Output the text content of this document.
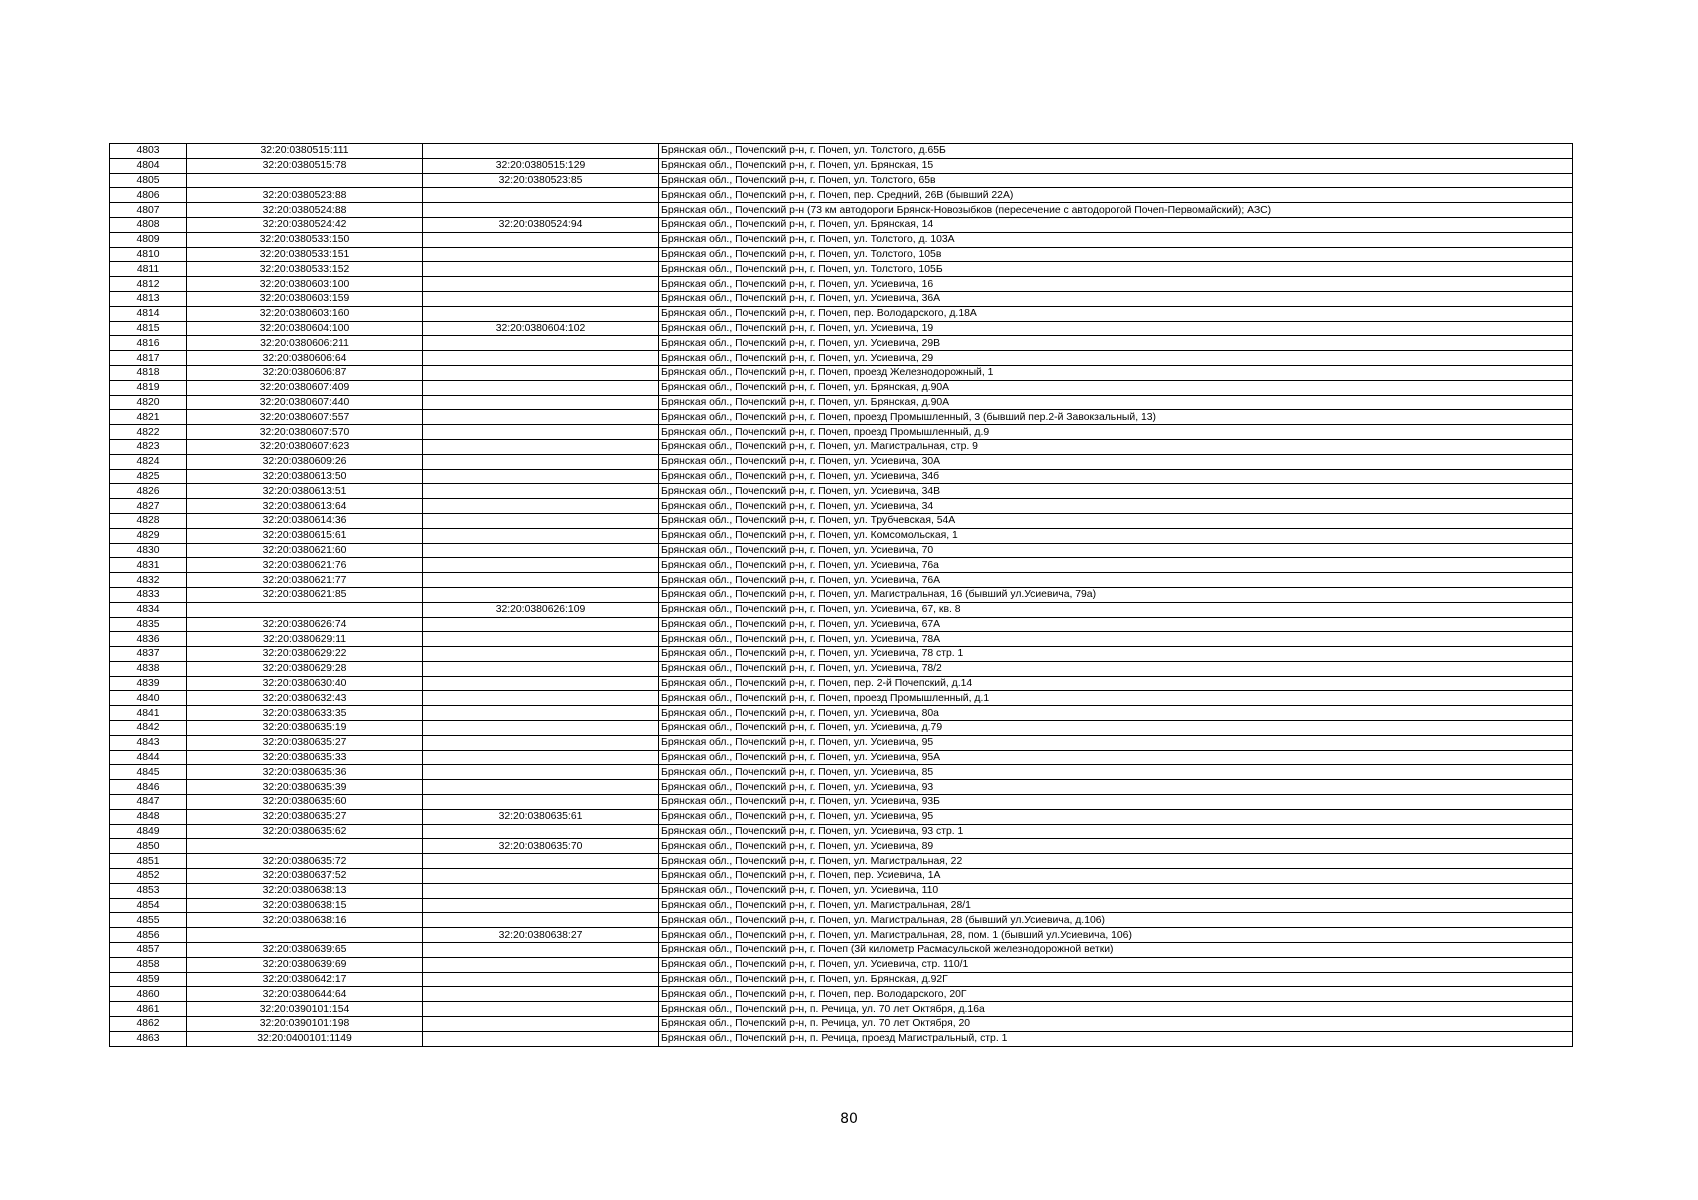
4803	32:20:0380515:111		Брянская обл., Почепский р-н, г. Почеп, ул. Толстого, д.65Б
4804	32:20:0380515:78	32:20:0380515:129	Брянская обл., Почепский р-н, г. Почеп, ул. Брянская, 15
4805		32:20:0380523:85	Брянская обл., Почепский р-н, г. Почеп, ул. Толстого, 65в
4806	32:20:0380523:88		Брянская обл., Почепский р-н, г. Почеп, пер. Средний, 26В (бывший 22А)
4807	32:20:0380524:88		Брянская обл., Почепский р-н (73 км автодороги Брянск-Новозыбков (пересечение с автодорогой Почеп-Первомайский); АЗС)
4808	32:20:0380524:42	32:20:0380524:94	Брянская обл., Почепский р-н, г. Почеп, ул. Брянская, 14
4809	32:20:0380533:150		Брянская обл., Почепский р-н, г. Почеп, ул. Толстого, д. 103А
4810	32:20:0380533:151		Брянская обл., Почепский р-н, г. Почеп, ул. Толстого, 105в
4811	32:20:0380533:152		Брянская обл., Почепский р-н, г. Почеп, ул. Толстого, 105Б
4812	32:20:0380603:100		Брянская обл., Почепский р-н, г. Почеп, ул. Усиевича, 16
4813	32:20:0380603:159		Брянская обл., Почепский р-н, г. Почеп, ул. Усиевича, 36А
4814	32:20:0380603:160		Брянская обл., Почепский р-н, г. Почеп, пер. Володарского, д.18А
4815	32:20:0380604:100	32:20:0380604:102	Брянская обл., Почепский р-н, г. Почеп, ул. Усиевича, 19
4816	32:20:0380606:211		Брянская обл., Почепский р-н, г. Почеп, ул. Усиевича, 29В
4817	32:20:0380606:64		Брянская обл., Почепский р-н, г. Почеп, ул. Усиевича, 29
4818	32:20:0380606:87		Брянская обл., Почепский р-н, г. Почеп, проезд Железнодорожный, 1
4819	32:20:0380607:409		Брянская обл., Почепский р-н, г. Почеп, ул. Брянская, д.90А
4820	32:20:0380607:440		Брянская обл., Почепский р-н, г. Почеп, ул. Брянская, д.90А
4821	32:20:0380607:557		Брянская обл., Почепский р-н, г. Почеп, проезд Промышленный, 3 (бывший пер.2-й Завокзальный, 13)
4822	32:20:0380607:570		Брянская обл., Почепский р-н, г. Почеп, проезд Промышленный, д.9
4823	32:20:0380607:623		Брянская обл., Почепский р-н, г. Почеп, ул. Магистральная, стр. 9
4824	32:20:0380609:26		Брянская обл., Почепский р-н, г. Почеп, ул. Усиевича, 30А
4825	32:20:0380613:50		Брянская обл., Почепский р-н, г. Почеп, ул. Усиевича, 34б
4826	32:20:0380613:51		Брянская обл., Почепский р-н, г. Почеп, ул. Усиевича, 34В
4827	32:20:0380613:64		Брянская обл., Почепский р-н, г. Почеп, ул. Усиевича, 34
4828	32:20:0380614:36		Брянская обл., Почепский р-н, г. Почеп, ул. Трубчевская, 54А
4829	32:20:0380615:61		Брянская обл., Почепский р-н, г. Почеп, ул. Комсомольская, 1
4830	32:20:0380621:60		Брянская обл., Почепский р-н, г. Почеп, ул. Усиевича, 70
4831	32:20:0380621:76		Брянская обл., Почепский р-н, г. Почеп, ул. Усиевича, 76а
4832	32:20:0380621:77		Брянская обл., Почепский р-н, г. Почеп, ул. Усиевича, 76А
4833	32:20:0380621:85		Брянская обл., Почепский р-н, г. Почеп, ул. Магистральная, 16 (бывший ул.Усиевича, 79а)
4834		32:20:0380626:109	Брянская обл., Почепский р-н, г. Почеп, ул. Усиевича, 67, кв. 8
4835	32:20:0380626:74		Брянская обл., Почепский р-н, г. Почеп, ул. Усиевича, 67А
4836	32:20:0380629:11		Брянская обл., Почепский р-н, г. Почеп, ул. Усиевича, 78А
4837	32:20:0380629:22		Брянская обл., Почепский р-н, г. Почеп, ул. Усиевича, 78 стр. 1
4838	32:20:0380629:28		Брянская обл., Почепский р-н, г. Почеп, ул. Усиевича, 78/2
4839	32:20:0380630:40		Брянская обл., Почепский р-н, г. Почеп, пер. 2-й Почепский, д.14
4840	32:20:0380632:43		Брянская обл., Почепский р-н, г. Почеп, проезд Промышленный, д.1
4841	32:20:0380633:35		Брянская обл., Почепский р-н, г. Почеп, ул. Усиевича, 80а
4842	32:20:0380635:19		Брянская обл., Почепский р-н, г. Почеп, ул. Усиевича, д.79
4843	32:20:0380635:27		Брянская обл., Почепский р-н, г. Почеп, ул. Усиевича, 95
4844	32:20:0380635:33		Брянская обл., Почепский р-н, г. Почеп, ул. Усиевича, 95А
4845	32:20:0380635:36		Брянская обл., Почепский р-н, г. Почеп, ул. Усиевича, 85
4846	32:20:0380635:39		Брянская обл., Почепский р-н, г. Почеп, ул. Усиевича, 93
4847	32:20:0380635:60		Брянская обл., Почепский р-н, г. Почеп, ул. Усиевича, 93Б
4848	32:20:0380635:27	32:20:0380635:61	Брянская обл., Почепский р-н, г. Почеп, ул. Усиевича, 95
4849	32:20:0380635:62		Брянская обл., Почепский р-н, г. Почеп, ул. Усиевича, 93 стр. 1
4850		32:20:0380635:70	Брянская обл., Почепский р-н, г. Почеп, ул. Усиевича, 89
4851	32:20:0380635:72		Брянская обл., Почепский р-н, г. Почеп, ул. Магистральная, 22
4852	32:20:0380637:52		Брянская обл., Почепский р-н, г. Почеп, пер. Усиевича, 1А
4853	32:20:0380638:13		Брянская обл., Почепский р-н, г. Почеп, ул. Усиевича, 110
4854	32:20:0380638:15		Брянская обл., Почепский р-н, г. Почеп, ул. Магистральная, 28/1
4855	32:20:0380638:16		Брянская обл., Почепский р-н, г. Почеп, ул. Магистральная, 28 (бывший ул.Усиевича, д.106)
4856		32:20:0380638:27	Брянская обл., Почепский р-н, г. Почеп, ул. Магистральная, 28, пом. 1 (бывший ул.Усиевича, 106)
4857	32:20:0380639:65		Брянская обл., Почепский р-н, г. Почеп (3й километр Расмасульской железнодорожной ветки)
4858	32:20:0380639:69		Брянская обл., Почепский р-н, г. Почеп, ул. Усиевича, стр. 110/1
4859	32:20:0380642:17		Брянская обл., Почепский р-н, г. Почеп, ул. Брянская, д.92Г
4860	32:20:0380644:64		Брянская обл., Почепский р-н, г. Почеп, пер. Володарского, 20Г
4861	32:20:0390101:154		Брянская обл., Почепский р-н, п. Речица, ул. 70 лет Октября, д.16а
4862	32:20:0390101:198		Брянская обл., Почепский р-н, п. Речица, ул. 70 лет Октября, 20
4863	32:20:0400101:1149		Брянская обл., Почепский р-н, п. Речица, проезд Магистральный, стр. 1
80
